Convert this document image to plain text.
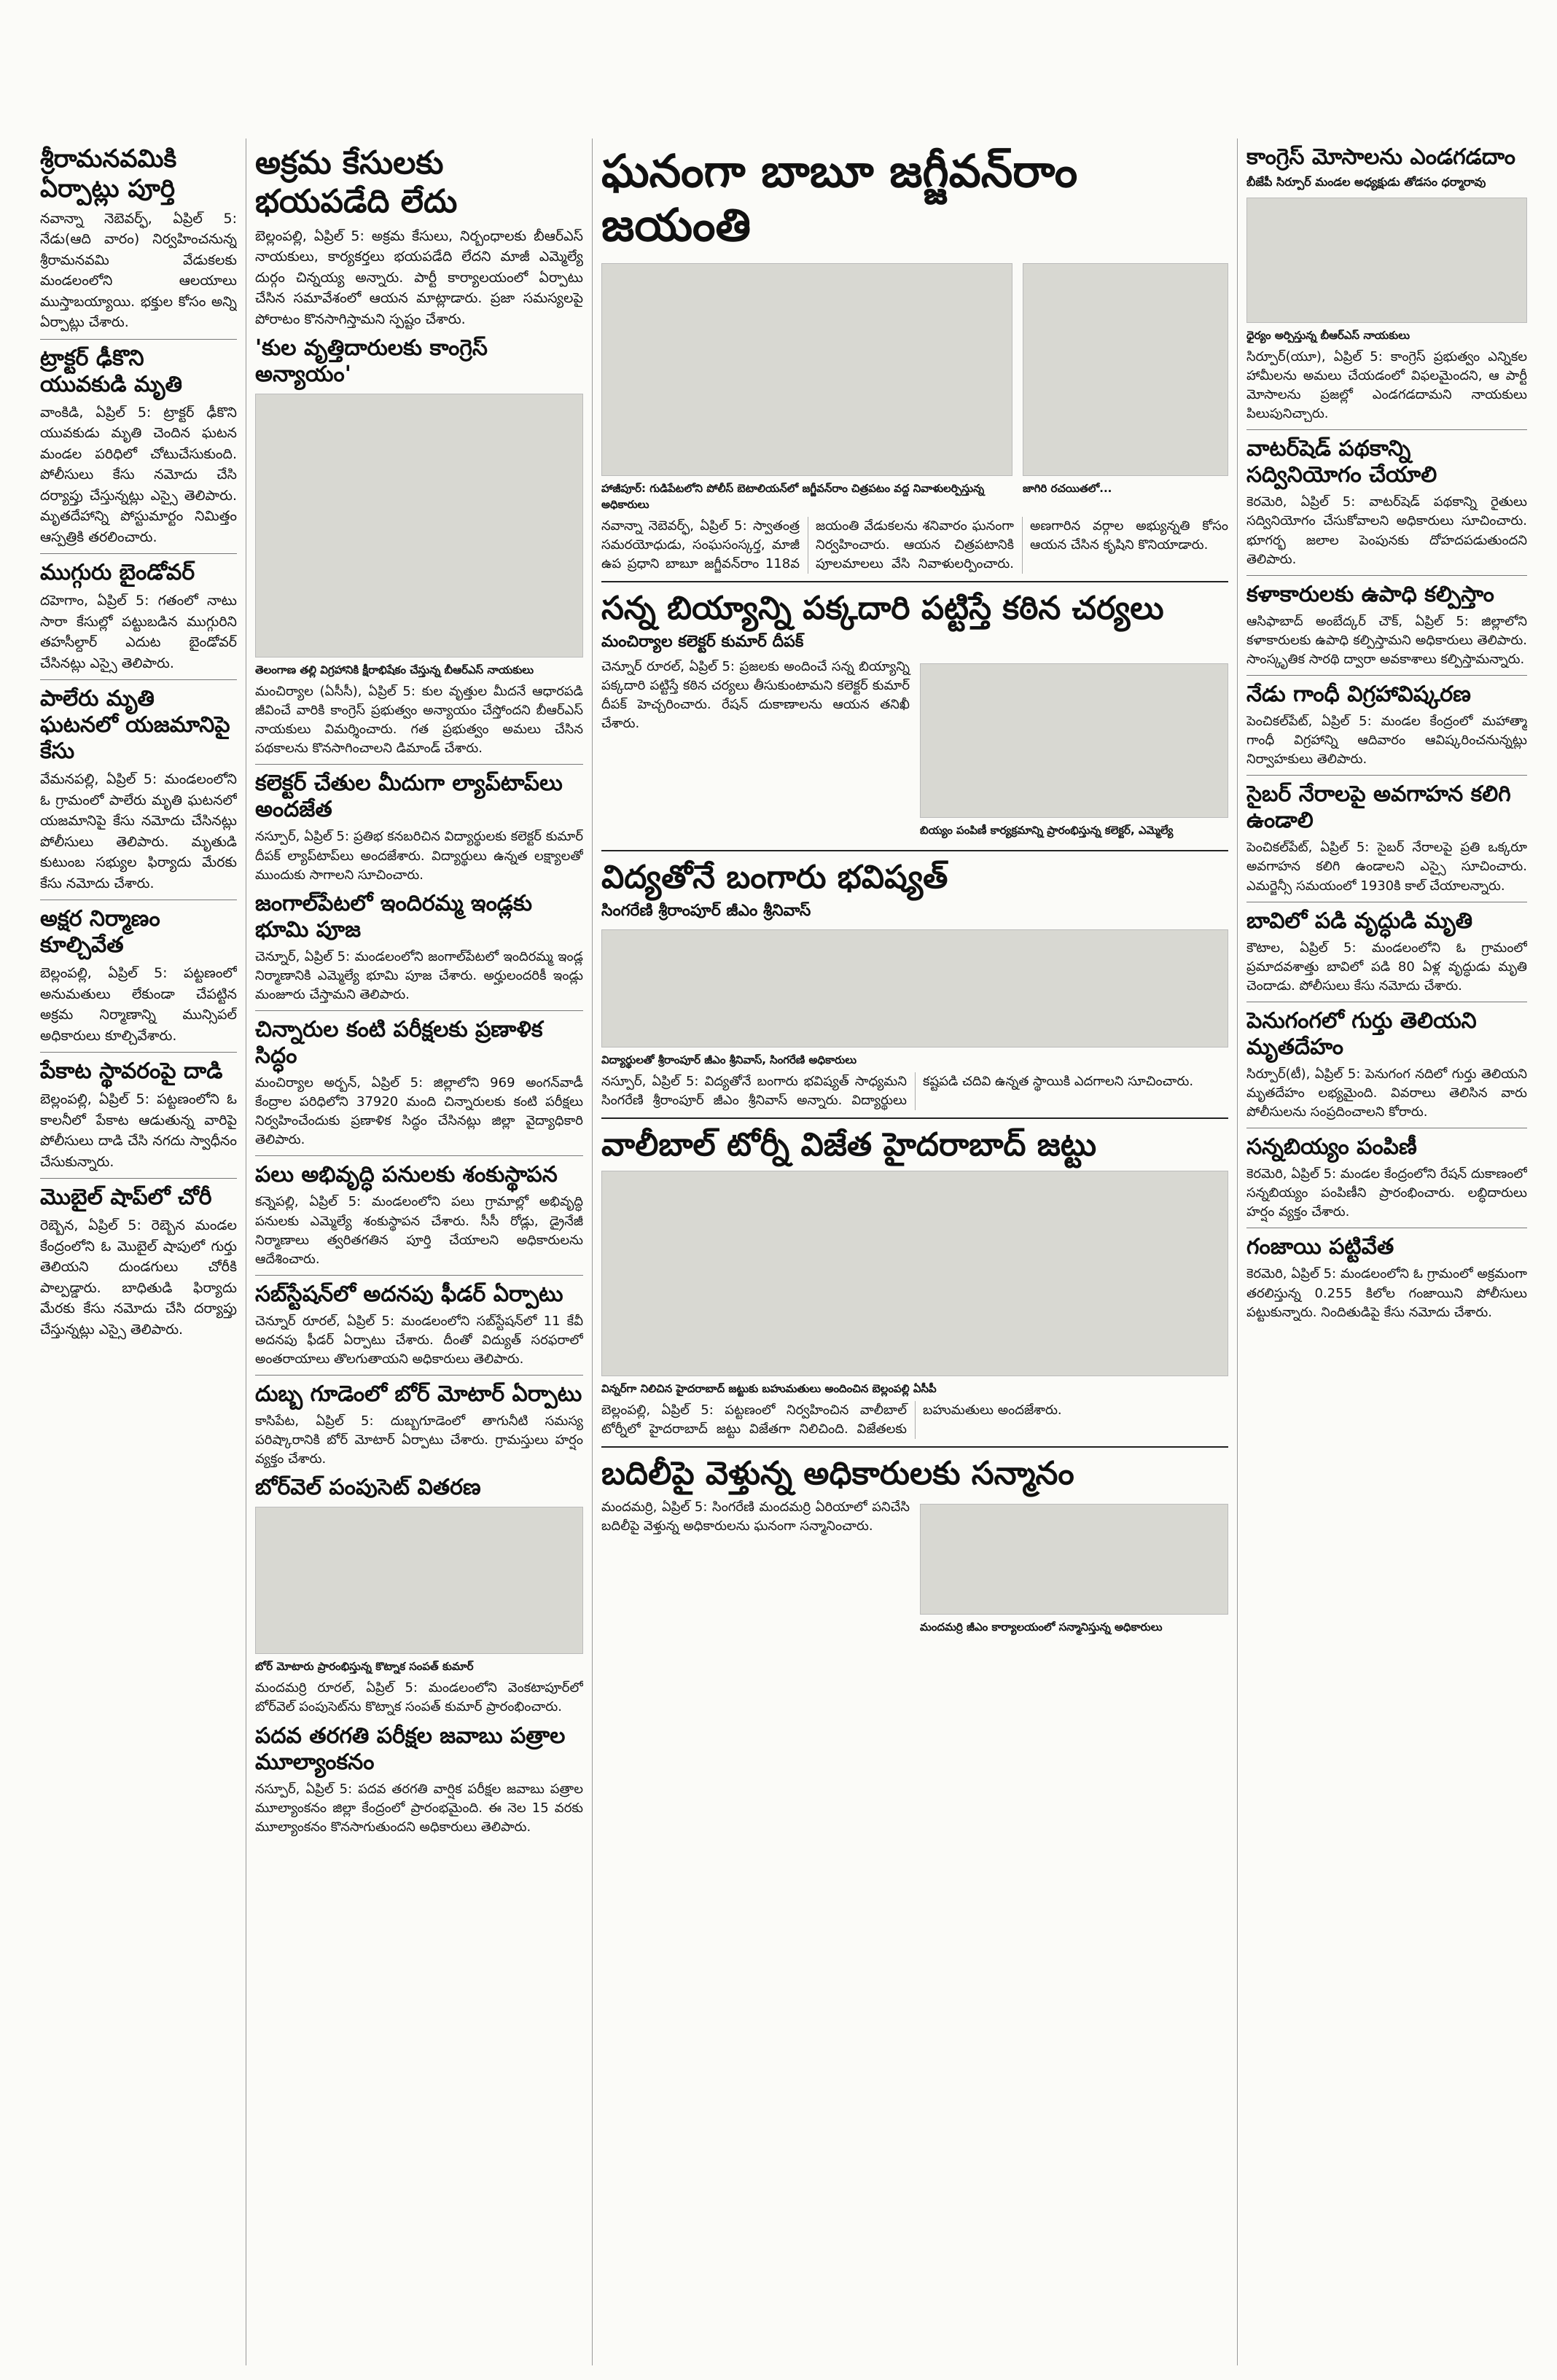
శ్రీరామనవమికి ఏర్పాట్లు పూర్తి

నవాన్నా నెబెవర్ఫ్, ఏప్రిల్ 5: నేడు(ఆది వారం) నిర్వహించనున్న శ్రీరామనవమి వేడుకలకు మండలంలోని ఆలయాలు ముస్తాబయ్యాయి. భక్తుల కోసం అన్ని ఏర్పాట్లు చేశారు.

ట్రాక్టర్ ఢీకొని యువకుడి మృతి

వాంకిడి, ఏప్రిల్ 5: ట్రాక్టర్ ఢీకొని యువకుడు మృతి చెందిన ఘటన మండల పరిధిలో చోటుచేసుకుంది. పోలీసులు కేసు నమోదు చేసి దర్యాప్తు చేస్తున్నట్లు ఎస్సై తెలిపారు. మృతదేహాన్ని పోస్టుమార్టం నిమిత్తం ఆస్పత్రికి తరలించారు.

ముగ్గురు బైండోవర్

దహెగాం, ఏప్రిల్ 5: గతంలో నాటు సారా కేసుల్లో పట్టుబడిన ముగ్గురిని తహసీల్దార్ ఎదుట బైండోవర్ చేసినట్లు ఎస్సై తెలిపారు.

పాలేరు మృతి ఘటనలో యజమానిపై కేసు

వేమనపల్లి, ఏప్రిల్ 5: మండలంలోని ఓ గ్రామంలో పాలేరు మృతి ఘటనలో యజమానిపై కేసు నమోదు చేసినట్లు పోలీసులు తెలిపారు. మృతుడి కుటుంబ సభ్యుల ఫిర్యాదు మేరకు కేసు నమోదు చేశారు.

అక్షర నిర్మాణం కూల్చివేత

బెల్లంపల్లి, ఏప్రిల్ 5: పట్టణంలో అనుమతులు లేకుండా చేపట్టిన అక్రమ నిర్మాణాన్ని మున్సిపల్ అధికారులు కూల్చివేశారు.

పేకాట స్థావరంపై దాడి

బెల్లంపల్లి, ఏప్రిల్ 5: పట్టణంలోని ఓ కాలనీలో పేకాట ఆడుతున్న వారిపై పోలీసులు దాడి చేసి నగదు స్వాధీనం చేసుకున్నారు.

మొబైల్ షాప్‌లో చోరీ

రెబ్బెన, ఏప్రిల్ 5: రెబ్బెన మండల కేంద్రంలోని ఓ మొబైల్ షాపులో గుర్తు తెలియని దుండగులు చోరీకి పాల్పడ్డారు. బాధితుడి ఫిర్యాదు మేరకు కేసు నమోదు చేసి దర్యాప్తు చేస్తున్నట్లు ఎస్సై తెలిపారు.

అక్రమ కేసులకు భయపడేది లేదు

బెల్లంపల్లి, ఏప్రిల్ 5: అక్రమ కేసులు, నిర్బంధాలకు బీఆర్ఎస్ నాయకులు, కార్యకర్తలు భయపడేది లేదని మాజీ ఎమ్మెల్యే దుర్గం చిన్నయ్య అన్నారు. పార్టీ కార్యాలయంలో ఏర్పాటు చేసిన సమావేశంలో ఆయన మాట్లాడారు. ప్రజా సమస్యలపై పోరాటం కొనసాగిస్తామని స్పష్టం చేశారు.

'కుల వృత్తిదారులకు కాంగ్రెస్ అన్యాయం'
తెలంగాణ తల్లి విగ్రహానికి క్షీరాభిషేకం చేస్తున్న బీఆర్ఎస్ నాయకులు

మంచిర్యాల (ఏసీసీ), ఏప్రిల్ 5: కుల వృత్తుల మీదనే ఆధారపడి జీవించే వారికి కాంగ్రెస్ ప్రభుత్వం అన్యాయం చేస్తోందని బీఆర్ఎస్ నాయకులు విమర్శించారు. గత ప్రభుత్వం అమలు చేసిన పథకాలను కొనసాగించాలని డిమాండ్ చేశారు.

కలెక్టర్ చేతుల మీదుగా ల్యాప్‌టాప్‌లు అందజేత

నస్పూర్, ఏప్రిల్ 5: ప్రతిభ కనబరిచిన విద్యార్థులకు కలెక్టర్ కుమార్ దీపక్ ల్యాప్‌టాప్‌లు అందజేశారు. విద్యార్థులు ఉన్నత లక్ష్యాలతో ముందుకు సాగాలని సూచించారు.

జంగాల్‌పేటలో ఇందిరమ్మ ఇండ్లకు భూమి పూజ

చెన్నూర్, ఏప్రిల్ 5: మండలంలోని జంగాల్‌పేటలో ఇందిరమ్మ ఇండ్ల నిర్మాణానికి ఎమ్మెల్యే భూమి పూజ చేశారు. అర్హులందరికీ ఇండ్లు మంజూరు చేస్తామని తెలిపారు.

చిన్నారుల కంటి పరీక్షలకు ప్రణాళిక సిద్ధం

మంచిర్యాల అర్బన్, ఏప్రిల్ 5: జిల్లాలోని 969 అంగన్‌వాడీ కేంద్రాల పరిధిలోని 37920 మంది చిన్నారులకు కంటి పరీక్షలు నిర్వహించేందుకు ప్రణాళిక సిద్ధం చేసినట్లు జిల్లా వైద్యాధికారి తెలిపారు.

పలు అభివృద్ధి పనులకు శంకుస్థాపన

కన్నెపల్లి, ఏప్రిల్ 5: మండలంలోని పలు గ్రామాల్లో అభివృద్ధి పనులకు ఎమ్మెల్యే శంకుస్థాపన చేశారు. సీసీ రోడ్లు, డ్రైనేజీ నిర్మాణాలు త్వరితగతిన పూర్తి చేయాలని అధికారులను ఆదేశించారు.

సబ్‌స్టేషన్‌లో అదనపు ఫీడర్ ఏర్పాటు

చెన్నూర్ రూరల్, ఏప్రిల్ 5: మండలంలోని సబ్‌స్టేషన్‌లో 11 కేవీ అదనపు ఫీడర్ ఏర్పాటు చేశారు. దీంతో విద్యుత్ సరఫరాలో అంతరాయాలు తొలగుతాయని అధికారులు తెలిపారు.

దుబ్బ గూడెంలో బోర్ మోటార్ ఏర్పాటు

కాసిపేట, ఏప్రిల్ 5: దుబ్బగూడెంలో తాగునీటి సమస్య పరిష్కారానికి బోర్ మోటార్ ఏర్పాటు చేశారు. గ్రామస్తులు హర్షం వ్యక్తం చేశారు.

బోర్‌వెల్ పంపుసెట్ వితరణ
బోర్ మోటారు ప్రారంభిస్తున్న కొట్నాక సంపత్ కుమార్

మందమర్రి రూరల్, ఏప్రిల్ 5: మండలంలోని వెంకటాపూర్‌లో బోర్‌వెల్ పంపుసెట్‌ను కొట్నాక సంపత్ కుమార్ ప్రారంభించారు.

పదవ తరగతి పరీక్షల జవాబు పత్రాల మూల్యాంకనం

నస్పూర్, ఏప్రిల్ 5: పదవ తరగతి వార్షిక పరీక్షల జవాబు పత్రాల మూల్యాంకనం జిల్లా కేంద్రంలో ప్రారంభమైంది. ఈ నెల 15 వరకు మూల్యాంకనం కొనసాగుతుందని అధికారులు తెలిపారు.

ఘనంగా బాబూ జగ్జీవన్‌రాం జయంతి
హాజీపూర్: గుడిపేటలోని పోలీస్ బెటాలియన్‌లో జగ్జీవన్‌రాం చిత్రపటం వద్ద నివాళులర్పిస్తున్న అధికారులు
జాగిరి రచయితలో...

నవాన్నా నెబెవర్ఫ్, ఏప్రిల్ 5: స్వాతంత్ర సమరయోధుడు, సంఘసంస్కర్త, మాజీ ఉప ప్రధాని బాబూ జగ్జీవన్‌రాం 118వ జయంతి వేడుకలను శనివారం ఘనంగా నిర్వహించారు. ఆయన చిత్రపటానికి పూలమాలలు వేసి నివాళులర్పించారు. అణగారిన వర్గాల అభ్యున్నతి కోసం ఆయన చేసిన కృషిని కొనియాడారు.

సన్న బియ్యాన్ని పక్కదారి పట్టిస్తే కఠిన చర్యలు
మంచిర్యాల కలెక్టర్ కుమార్ దీపక్

చెన్నూర్ రూరల్, ఏప్రిల్ 5: ప్రజలకు అందించే సన్న బియ్యాన్ని పక్కదారి పట్టిస్తే కఠిన చర్యలు తీసుకుంటామని కలెక్టర్ కుమార్ దీపక్ హెచ్చరించారు. రేషన్ దుకాణాలను ఆయన తనిఖీ చేశారు.

బియ్యం పంపిణీ కార్యక్రమాన్ని ప్రారంభిస్తున్న కలెక్టర్, ఎమ్మెల్యే
విద్యతోనే బంగారు భవిష్యత్
సింగరేణి శ్రీరాంపూర్ జీఎం శ్రీనివాస్
విద్యార్థులతో శ్రీరాంపూర్ జీఎం శ్రీనివాస్, సింగరేణి అధికారులు

నస్పూర్, ఏప్రిల్ 5: విద్యతోనే బంగారు భవిష్యత్ సాధ్యమని సింగరేణి శ్రీరాంపూర్ జీఎం శ్రీనివాస్ అన్నారు. విద్యార్థులు కష్టపడి చదివి ఉన్నత స్థాయికి ఎదగాలని సూచించారు.

వాలీబాల్ టోర్నీ విజేత హైదరాబాద్ జట్టు
విన్నర్‌గా నిలిచిన హైదరాబాద్ జట్టుకు బహుమతులు అందించిన బెల్లంపల్లి ఏసీపీ

బెల్లంపల్లి, ఏప్రిల్ 5: పట్టణంలో నిర్వహించిన వాలీబాల్ టోర్నీలో హైదరాబాద్ జట్టు విజేతగా నిలిచింది. విజేతలకు బహుమతులు అందజేశారు.

బదిలీపై వెళ్తున్న అధికారులకు సన్మానం

మందమర్రి, ఏప్రిల్ 5: సింగరేణి మందమర్రి ఏరియాలో పనిచేసి బదిలీపై వెళ్తున్న అధికారులను ఘనంగా సన్మానించారు.

మందమర్రి జీఎం కార్యాలయంలో సన్మానిస్తున్న అధికారులు
కాంగ్రెస్ మోసాలను ఎండగడదాం
బీజేపీ సిర్పూర్ మండల అధ్యక్షుడు తోడసం ధర్మారావు
ధైర్యం అర్పిస్తున్న బీఆర్ఎస్ నాయకులు

సిర్పూర్(యూ), ఏప్రిల్ 5: కాంగ్రెస్ ప్రభుత్వం ఎన్నికల హామీలను అమలు చేయడంలో విఫలమైందని, ఆ పార్టీ మోసాలను ప్రజల్లో ఎండగడదామని నాయకులు పిలుపునిచ్చారు.

వాటర్‌షెడ్ పథకాన్ని సద్వినియోగం చేయాలి

కెరమెరి, ఏప్రిల్ 5: వాటర్‌షెడ్ పథకాన్ని రైతులు సద్వినియోగం చేసుకోవాలని అధికారులు సూచించారు. భూగర్భ జలాల పెంపునకు దోహదపడుతుందని తెలిపారు.

కళాకారులకు ఉపాధి కల్పిస్తాం

ఆసిఫాబాద్ అంబేద్కర్ చౌక్, ఏప్రిల్ 5: జిల్లాలోని కళాకారులకు ఉపాధి కల్పిస్తామని అధికారులు తెలిపారు. సాంస్కృతిక సారథి ద్వారా అవకాశాలు కల్పిస్తామన్నారు.

నేడు గాంధీ విగ్రహావిష్కరణ

పెంచికల్‌పేట్, ఏప్రిల్ 5: మండల కేంద్రంలో మహాత్మా గాంధీ విగ్రహాన్ని ఆదివారం ఆవిష్కరించనున్నట్లు నిర్వాహకులు తెలిపారు.

సైబర్ నేరాలపై అవగాహన కలిగి ఉండాలి

పెంచికల్‌పేట్, ఏప్రిల్ 5: సైబర్ నేరాలపై ప్రతి ఒక్కరూ అవగాహన కలిగి ఉండాలని ఎస్సై సూచించారు. ఎమర్జెన్సీ సమయంలో 1930కి కాల్ చేయాలన్నారు.

బావిలో పడి వృద్ధుడి మృతి

కౌటాల, ఏప్రిల్ 5: మండలంలోని ఓ గ్రామంలో ప్రమాదవశాత్తు బావిలో పడి 80 ఏళ్ల వృద్ధుడు మృతి చెందాడు. పోలీసులు కేసు నమోదు చేశారు.

పెనుగంగలో గుర్తు తెలియని మృతదేహం

సిర్పూర్(టీ), ఏప్రిల్ 5: పెనుగంగ నదిలో గుర్తు తెలియని మృతదేహం లభ్యమైంది. వివరాలు తెలిసిన వారు పోలీసులను సంప్రదించాలని కోరారు.

సన్నబియ్యం పంపిణీ

కెరమెరి, ఏప్రిల్ 5: మండల కేంద్రంలోని రేషన్ దుకాణంలో సన్నబియ్యం పంపిణీని ప్రారంభించారు. లబ్ధిదారులు హర్షం వ్యక్తం చేశారు.

గంజాయి పట్టివేత

కెరమెరి, ఏప్రిల్ 5: మండలంలోని ఓ గ్రామంలో అక్రమంగా తరలిస్తున్న 0.255 కిలోల గంజాయిని పోలీసులు పట్టుకున్నారు. నిందితుడిపై కేసు నమోదు చేశారు.
